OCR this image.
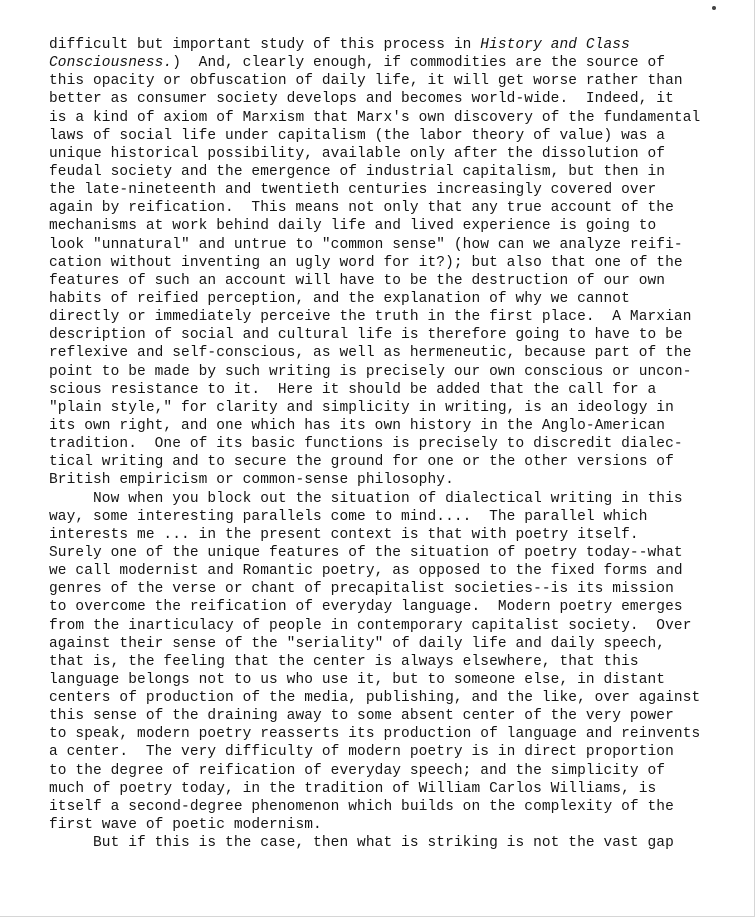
difficult but important study of this process in History and Class
Consciousness.)  And, clearly enough, if commodities are the source of
this opacity or obfuscation of daily life, it will get worse rather than
better as consumer society develops and becomes world-wide.  Indeed, it
is a kind of axiom of Marxism that Marx's own discovery of the fundamental
laws of social life under capitalism (the labor theory of value) was a
unique historical possibility, available only after the dissolution of
feudal society and the emergence of industrial capitalism, but then in
the late-nineteenth and twentieth centuries increasingly covered over
again by reification.  This means not only that any true account of the
mechanisms at work behind daily life and lived experience is going to
look "unnatural" and untrue to "common sense" (how can we analyze reifi-
cation without inventing an ugly word for it?); but also that one of the
features of such an account will have to be the destruction of our own
habits of reified perception, and the explanation of why we cannot
directly or immediately perceive the truth in the first place.  A Marxian
description of social and cultural life is therefore going to have to be
reflexive and self-conscious, as well as hermeneutic, because part of the
point to be made by such writing is precisely our own conscious or uncon-
scious resistance to it.  Here it should be added that the call for a
"plain style," for clarity and simplicity in writing, is an ideology in
its own right, and one which has its own history in the Anglo-American
tradition.  One of its basic functions is precisely to discredit dialec-
tical writing and to secure the ground for one or the other versions of
British empiricism or common-sense philosophy.
Now when you block out the situation of dialectical writing in this
way, some interesting parallels come to mind....  The parallel which
interests me ... in the present context is that with poetry itself.
Surely one of the unique features of the situation of poetry today--what
we call modernist and Romantic poetry, as opposed to the fixed forms and
genres of the verse or chant of precapitalist societies--is its mission
to overcome the reification of everyday language.  Modern poetry emerges
from the inarticulacy of people in contemporary capitalist society.  Over
against their sense of the "seriality" of daily life and daily speech,
that is, the feeling that the center is always elsewhere, that this
language belongs not to us who use it, but to someone else, in distant
centers of production of the media, publishing, and the like, over against
this sense of the draining away to some absent center of the very power
to speak, modern poetry reasserts its production of language and reinvents
a center.  The very difficulty of modern poetry is in direct proportion
to the degree of reification of everyday speech; and the simplicity of
much of poetry today, in the tradition of William Carlos Williams, is
itself a second-degree phenomenon which builds on the complexity of the
first wave of poetic modernism.
But if this is the case, then what is striking is not the vast gap
